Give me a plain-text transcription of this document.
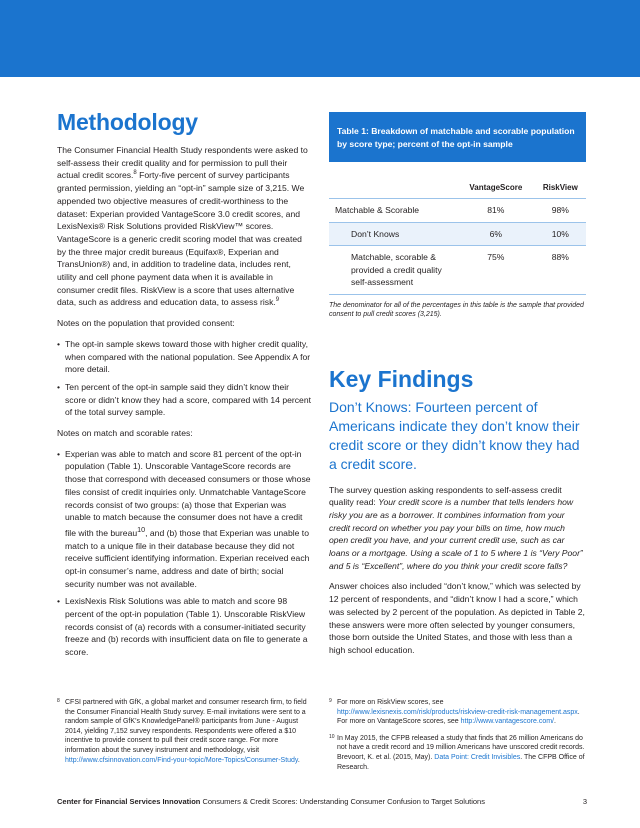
Methodology

The Consumer Financial Health Study respondents were asked to self-assess their credit quality and for permission to pull their actual credit scores.$^8$ Forty-five percent of survey participants granted permission, yielding an “opt-in” sample size of 3,215. We appended two objective measures of credit-worthiness to the dataset: Experian provided VantageScore 3.0 credit scores, and LexisNexis® Risk Solutions provided RiskView™ scores. VantageScore is a generic credit scoring model that was created by the three major credit bureaus (Equifax®, Experian and TransUnion®) and, in addition to tradeline data, includes rent, utility and cell phone payment data when it is available in consumer credit files. RiskView is a score that uses alternative data, such as address and education data, to assess risk.$^9$

Notes on the population that provided consent:

• The opt-in sample skews toward those with higher credit quality, when compared with the national population. See Appendix A for more detail.
• Ten percent of the opt-in sample said they didn’t know their score or didn’t know they had a score, compared with 14 percent of the total survey sample.

Notes on match and scorable rates:

• Experian was able to match and score 81 percent of the opt-in population (Table 1). Unscorable VantageScore records are those that correspond with deceased consumers or those whose files consist of credit inquiries only. Unmatchable VantageScore records consist of two groups: (a) those that Experian was unable to match because the consumer does not have a credit file with the bureau$^{10}$, and (b) those that Experian was unable to match to a unique file in their database because they did not receive sufficient identifying information. Experian received each opt-in consumer’s name, address and date of birth; social security number was not available.
• LexisNexis Risk Solutions was able to match and score 98 percent of the opt-in population (Table 1). Unscorable RiskView records consist of (a) records with a consumer-initiated security freeze and (b) records with insufficient data on file to generate a score.
Table 1: Breakdown of matchable and scorable population by score type; percent of the opt-in sample
	VantageScore	RiskView
Matchable & Scorable	81%	98%
Don’t Knows	6%	10%
Matchable, scorable & provided a credit quality self-assessment	75%	88%

The denominator for all of the percentages in this table is the sample that provided consent to pull credit scores (3,215).

Key Findings

Don’t Knows: Fourteen percent of Americans indicate they don’t know their credit score or they didn’t know they had a credit score.

The survey question asking respondents to self-assess credit quality read: Your credit score is a number that tells lenders how risky you are as a borrower. It combines information from your credit record on whether you pay your bills on time, how much open credit you have, and your current credit use, such as car loans or a mortgage. Using a scale of 1 to 5 where 1 is “Very Poor” and 5 is “Excellent”, where do you think your credit score falls?

Answer choices also included “don’t know,” which was selected by 12 percent of respondents, and “didn’t know I had a score,” which was selected by 2 percent of the population. As depicted in Table 2, these answers were more often selected by younger consumers, those born outside the United States, and those with less than a high school education.

8 CFSI partnered with GfK, a global market and consumer research firm, to field the Consumer Financial Health Study survey. E-mail invitations were sent to a random sample of GfK’s KnowledgePanel® participants from June - August 2014, yielding 7,152 survey respondents. Respondents were offered a $10 incentive to provide consent to pull their credit score range. For more information about the survey instrument and methodology, visit http://www.cfsinnovation.com/Find-your-topic/More-Topics/Consumer-Study.

9 For more on RiskView scores, see http://www.lexisnexis.com/risk/products/riskview-credit-risk-management.aspx. For more on VantageScore scores, see http://www.vantagescore.com/.

10 In May 2015, the CFPB released a study that finds that 26 million Americans do not have a credit record and 19 million Americans have unscored credit records. Brevoort, K. et al. (2015, May). Data Point: Credit Invisibles. The CFPB Office of Research.

Center for Financial Services Innovation Consumers & Credit Scores: Understanding Consumer Confusion to Target Solutions	3
